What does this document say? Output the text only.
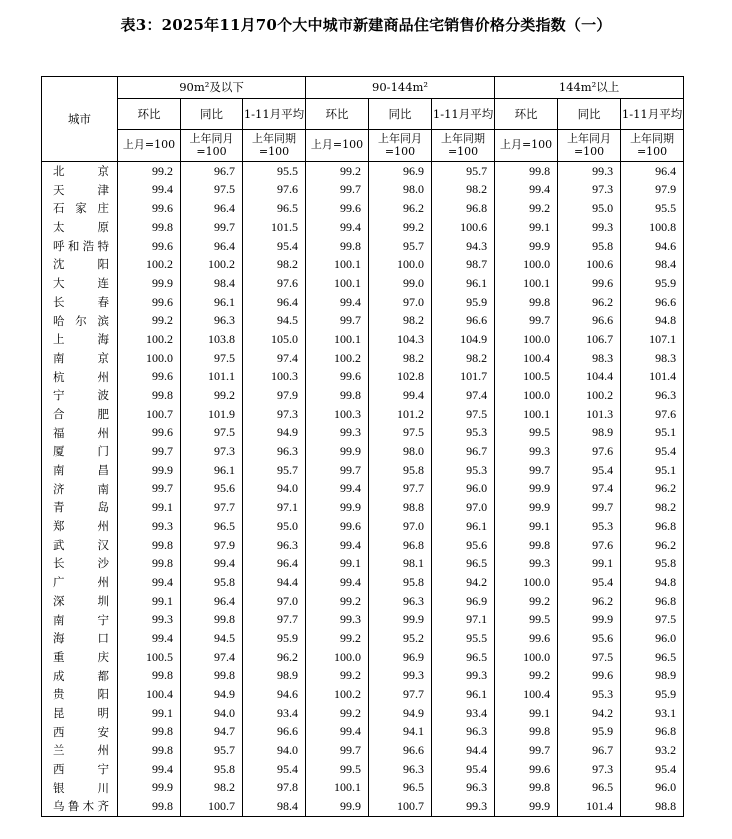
表3：2025年11月70个大中城市新建商品住宅销售价格分类指数（一）
城市	90m²及以下			90-144m²			144m²以上		
	环比	同比	1-11月平均	环比	同比	1-11月平均	环比	同比	1-11月平均
	上月=100	上年同月=100	上年同期=100	上月=100	上年同月=100	上年同期=100	上月=100	上年同月=100	上年同期=100
北京	99.2	96.7	95.5	99.2	96.9	95.7	99.8	99.3	96.4
天津	99.4	97.5	97.6	99.7	98.0	98.2	99.4	97.3	97.9
石家庄	99.6	96.4	96.5	99.6	96.2	96.8	99.2	95.0	95.5
太原	99.8	99.7	101.5	99.4	99.2	100.6	99.1	99.3	100.8
呼和浩特	99.6	96.4	95.4	99.8	95.7	94.3	99.9	95.8	94.6
沈阳	100.2	100.2	98.2	100.1	100.0	98.7	100.0	100.6	98.4
大连	99.9	98.4	97.6	100.1	99.0	96.1	100.1	99.6	95.9
长春	99.6	96.1	96.4	99.4	97.0	95.9	99.8	96.2	96.6
哈尔滨	99.2	96.3	94.5	99.7	98.2	96.6	99.7	96.6	94.8
上海	100.2	103.8	105.0	100.1	104.3	104.9	100.0	106.7	107.1
南京	100.0	97.5	97.4	100.2	98.2	98.2	100.4	98.3	98.3
杭州	99.6	101.1	100.3	99.6	102.8	101.7	100.5	104.4	101.4
宁波	99.8	99.2	97.9	99.8	99.4	97.4	100.0	100.2	96.3
合肥	100.7	101.9	97.3	100.3	101.2	97.5	100.1	101.3	97.6
福州	99.6	97.5	94.9	99.3	97.5	95.3	99.5	98.9	95.1
厦门	99.7	97.3	96.3	99.9	98.0	96.7	99.3	97.6	95.4
南昌	99.9	96.1	95.7	99.7	95.8	95.3	99.7	95.4	95.1
济南	99.7	95.6	94.0	99.4	97.7	96.0	99.9	97.4	96.2
青岛	99.1	97.7	97.1	99.9	98.8	97.0	99.9	99.7	98.2
郑州	99.3	96.5	95.0	99.6	97.0	96.1	99.1	95.3	96.8
武汉	99.8	97.9	96.3	99.4	96.8	95.6	99.8	97.6	96.2
长沙	99.8	99.4	96.4	99.1	98.1	96.5	99.3	99.1	95.8
广州	99.4	95.8	94.4	99.4	95.8	94.2	100.0	95.4	94.8
深圳	99.1	96.4	97.0	99.2	96.3	96.9	99.2	96.2	96.8
南宁	99.3	99.8	97.7	99.3	99.9	97.1	99.5	99.9	97.5
海口	99.4	94.5	95.9	99.2	95.2	95.5	99.6	95.6	96.0
重庆	100.5	97.4	96.2	100.0	96.9	96.5	100.0	97.5	96.5
成都	99.8	99.8	98.9	99.2	99.3	99.3	99.2	99.6	98.9
贵阳	100.4	94.9	94.6	100.2	97.7	96.1	100.4	95.3	95.9
昆明	99.1	94.0	93.4	99.2	94.9	93.4	99.1	94.2	93.1
西安	99.8	94.7	96.6	99.4	94.1	96.3	99.8	95.9	96.8
兰州	99.8	95.7	94.0	99.7	96.6	94.4	99.7	96.7	93.2
西宁	99.4	95.8	95.4	99.5	96.3	95.4	99.6	97.3	95.4
银川	99.9	98.2	97.8	100.1	96.5	96.3	99.8	96.5	96.0
乌鲁木齐	99.8	100.7	98.4	99.9	100.7	99.3	99.9	101.4	98.8
